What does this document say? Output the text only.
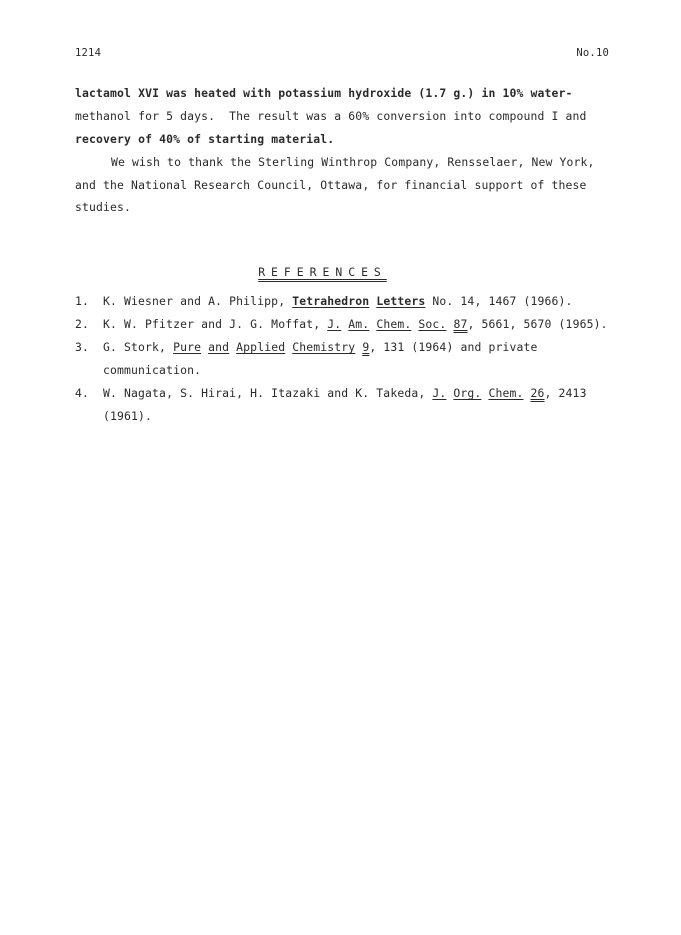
1214	No.10
lactamol XVI was heated with potassium hydroxide (1.7 g.) in 10% water-
methanol for 5 days.  The result was a 60% conversion into compound I and
recovery of 40% of starting material.
We wish to thank the Sterling Winthrop Company, Rensselaer, New York,
and the National Research Council, Ottawa, for financial support of these
studies.
REFERENCES
1. K. Wiesner and A. Philipp, Tetrahedron Letters No. 14, 1467 (1966).
2. K. W. Pfitzer and J. G. Moffat, J. Am. Chem. Soc. 87, 5661, 5670 (1965).
3. G. Stork, Pure and Applied Chemistry 9, 131 (1964) and private
communication.
4. W. Nagata, S. Hirai, H. Itazaki and K. Takeda, J. Org. Chem. 26, 2413
(1961).
